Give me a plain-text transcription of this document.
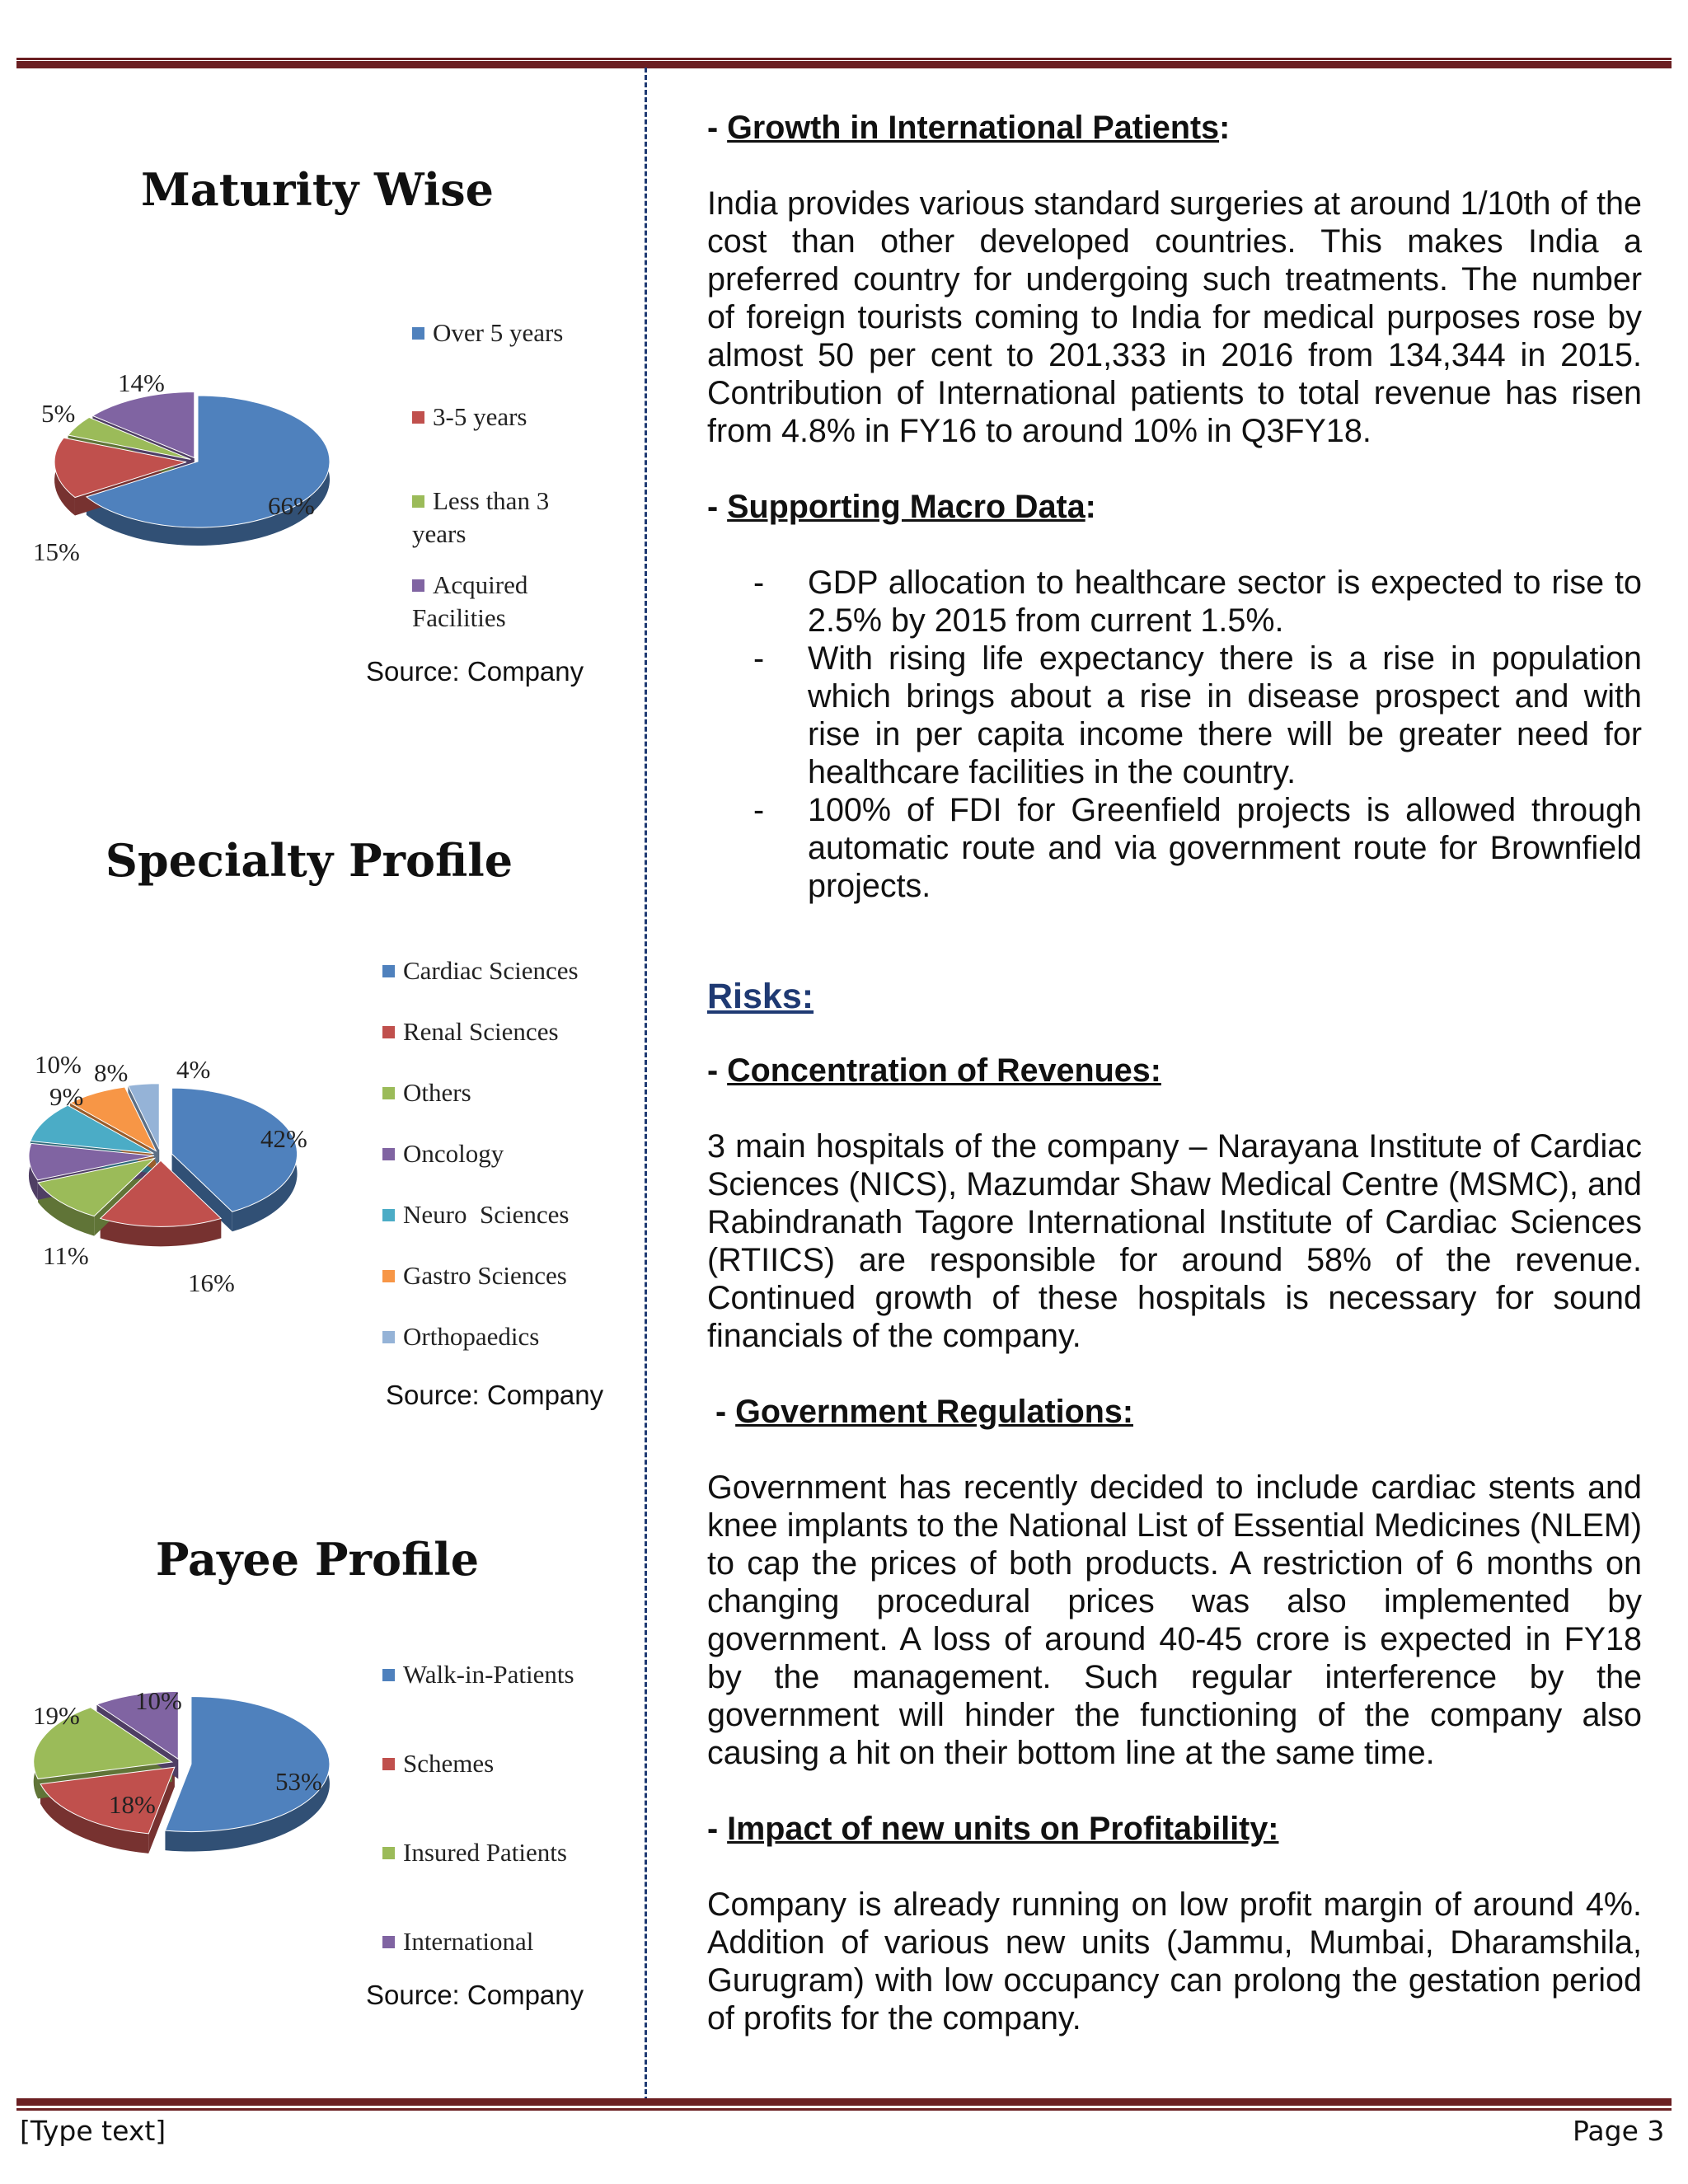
Maturity Wise
66%
15%
5%
14%
Over 5 years
3-5 years
Less than 3 years
Acquired Facilities
Source: Company
Specialty Profile
42%
16%
11%
9%
10% 8% 4%
Cardiac Sciences
Renal Sciences
Others
Oncology
Neuro  Sciences
Gastro Sciences
Orthopaedics
Source: Company
Payee Profile
53%
18%
19%
10%
Walk-in-Patients
Schemes
Insured Patients
International
Source: Company
- Growth in International Patients:

India provides various standard surgeries at around 1/10th of the cost than other developed countries. This makes India a preferred country for undergoing such treatments. The number of foreign tourists coming to India for medical purposes rose by almost 50 per cent to 201,333 in 2016 from 134,344 in 2015. Contribution of International patients to total revenue has risen from 4.8% in FY16 to around 10% in Q3FY18.

- Supporting Macro Data:
- GDP allocation to healthcare sector is expected to rise to 2.5% by 2015 from current 1.5%.
- With rising life expectancy there is a rise in population which brings about a rise in disease prospect and with rise in per capita income there will be greater need for healthcare facilities in the country.
- 100% of FDI for Greenfield projects is allowed through automatic route and via government route for Brownfield projects.
Risks:
- Concentration of Revenues:

3 main hospitals of the company – Narayana Institute of Cardiac Sciences (NICS), Mazumdar Shaw Medical Centre (MSMC), and Rabindranath Tagore International Institute of Cardiac Sciences (RTIICS) are responsible for around 58% of the revenue. Continued growth of these hospitals is necessary for sound financials of the company.

- Government Regulations:

Government has recently decided to include cardiac stents and knee implants to the National List of Essential Medicines (NLEM) to cap the prices of both products. A restriction of 6 months on changing procedural prices was also implemented by government. A loss of around 40-45 crore is expected in FY18 by the management. Such regular interference by the government will hinder the functioning of the company also causing a hit on their bottom line at the same time.

- Impact of new units on Profitability:

Company is already running on low profit margin of around 4%. Addition of various new units (Jammu, Mumbai, Dharamshila, Gurugram) with low occupancy can prolong the gestation period of profits for the company.

[Type text]	Page 3
